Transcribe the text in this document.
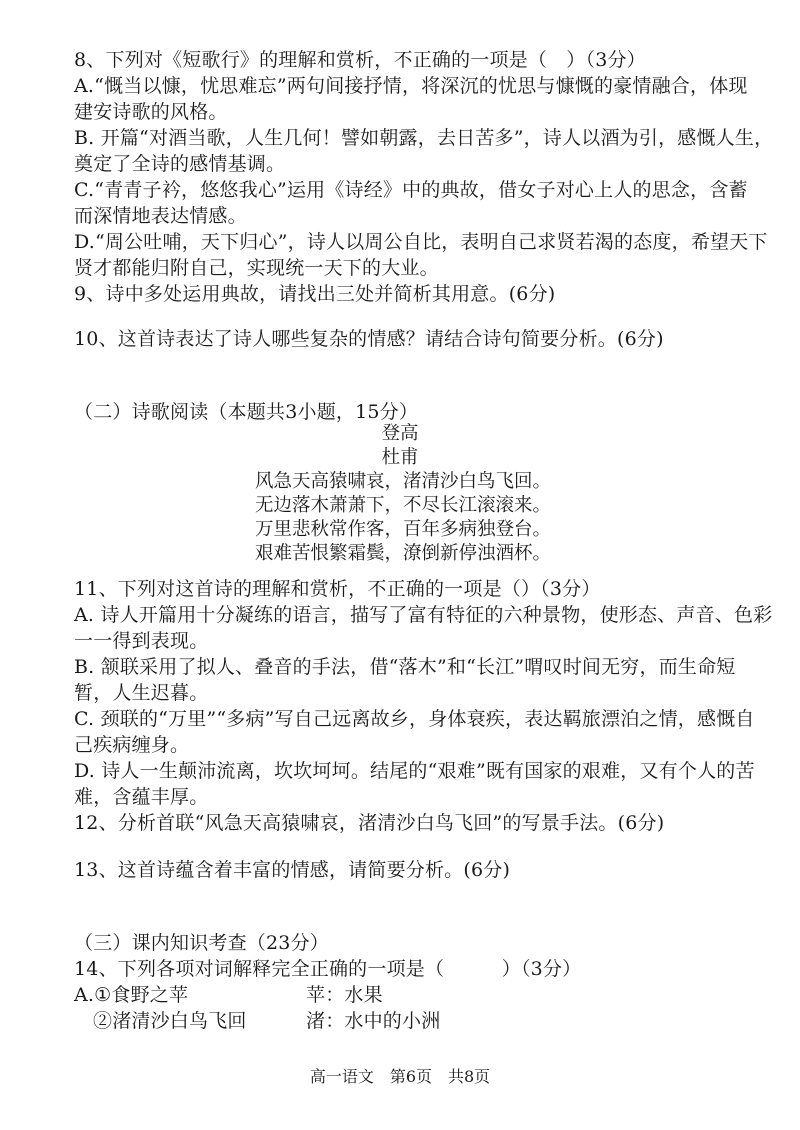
8、下列对《短歌行》的理解和赏析，不正确的一项是（　）（3分）
A.“慨当以慷，忧思难忘”两句间接抒情，将深沉的忧思与慷慨的豪情融合，体现
建安诗歌的风格。
B. 开篇“对酒当歌，人生几何！譬如朝露，去日苦多”，诗人以酒为引，感慨人生，
奠定了全诗的感情基调。
C.“青青子衿，悠悠我心”运用《诗经》中的典故，借女子对心上人的思念，含蓄
而深情地表达情感。
D.“周公吐哺，天下归心”，诗人以周公自比，表明自己求贤若渴的态度，希望天下
贤才都能归附自己，实现统一天下的大业。
9、诗中多处运用典故，请找出三处并简析其用意。(6分)
10、这首诗表达了诗人哪些复杂的情感？请结合诗句简要分析。(6分)
（二）诗歌阅读（本题共3小题，15分）
登高
杜甫
风急天高猿啸哀，渚清沙白鸟飞回。
无边落木萧萧下，不尽长江滚滚来。
万里悲秋常作客，百年多病独登台。
艰难苦恨繁霜鬓，潦倒新停浊酒杯。
11、下列对这首诗的理解和赏析，不正确的一项是（）（3分）
A. 诗人开篇用十分凝练的语言，描写了富有特征的六种景物，使形态、声音、色彩
一一得到表现。
B. 颔联采用了拟人、叠音的手法，借“落木”和“长江”喟叹时间无穷，而生命短
暂，人生迟暮。
C. 颈联的“万里”“多病”写自己远离故乡，身体衰疾，表达羁旅漂泊之情，感慨自
己疾病缠身。
D. 诗人一生颠沛流离，坎坎坷坷。结尾的“艰难”既有国家的艰难，又有个人的苦
难，含蕴丰厚。
12、分析首联“风急天高猿啸哀，渚清沙白鸟飞回”的写景手法。(6分)
13、这首诗蕴含着丰富的情感，请简要分析。(6分)
（三）课内知识考查（23分）
14、下列各项对词解释完全正确的一项是（　　　）（3分）
A.①食野之苹	苹：水果
②渚清沙白鸟飞回	渚：水中的小洲
高一语文　第6页　共8页
